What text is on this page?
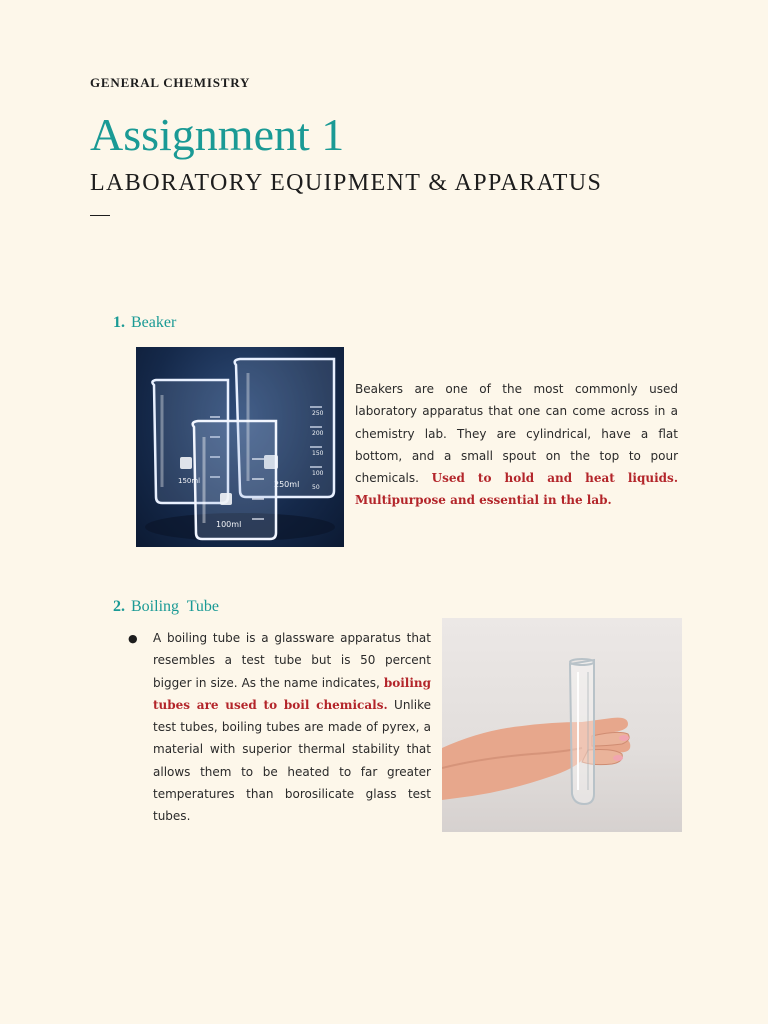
GENERAL CHEMISTRY
Assignment 1
LABORATORY EQUIPMENT & APPARATUS
1. Beaker
150ml
250
200
150
100
50
250ml
100ml
Beakers are one of the most commonly used laboratory apparatus that one can come across in a chemistry lab. They are cylindrical, have a flat bottom, and a small spout on the top to pour chemicals. Used to hold and heat liquids. Multipurpose and essential in the lab.
2. Boiling  Tube
● A boiling tube is a glassware apparatus that resembles a test tube but is 50 percent bigger in size. As the name indicates, boiling tubes are used to boil chemicals. Unlike test tubes, boiling tubes are made of pyrex, a material with superior thermal stability that allows them to be heated to far greater temperatures than borosilicate glass test tubes.
